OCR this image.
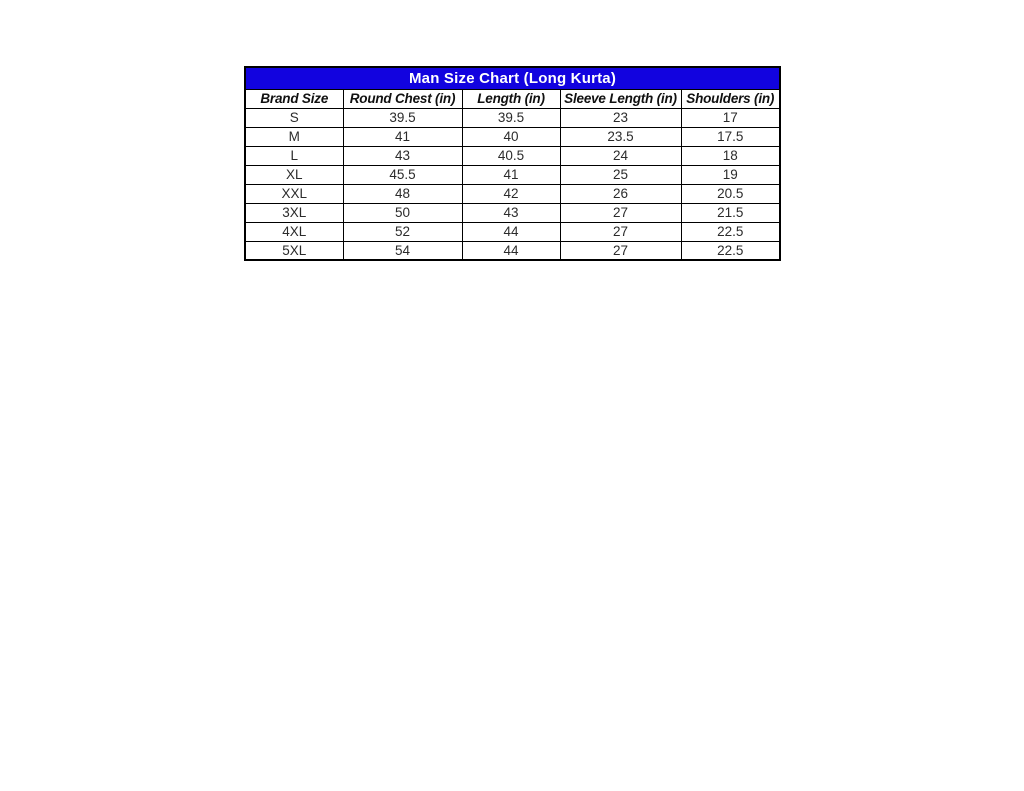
Man Size Chart (Long Kurta)				
Brand Size	Round Chest (in)	Length (in)	Sleeve Length (in)	Shoulders (in)
S	39.5	39.5	23	17
M	41	40	23.5	17.5
L	43	40.5	24	18
XL	45.5	41	25	19
XXL	48	42	26	20.5
3XL	50	43	27	21.5
4XL	52	44	27	22.5
5XL	54	44	27	22.5
